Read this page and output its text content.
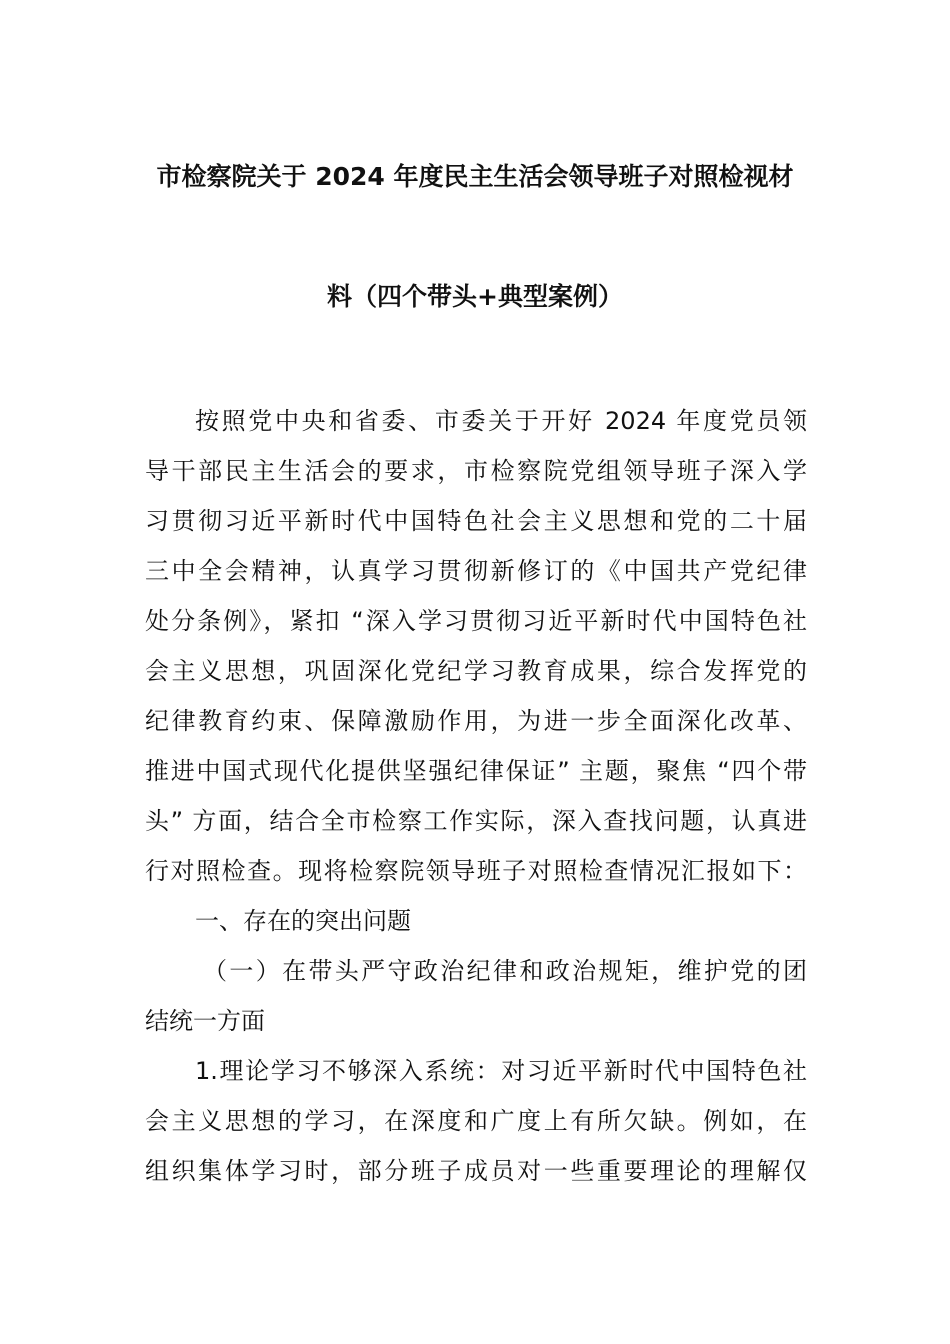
市检察院关于 2024 年度民主生活会领导班子对照检视材
料（四个带头+典型案例）
按照党中央和省委、市委关于开好 2024 年度党员领
导干部民主生活会的要求，市检察院党组领导班子深入学
习贯彻习近平新时代中国特色社会主义思想和党的二十届
三中全会精神，认真学习贯彻新修订的《中国共产党纪律
处分条例》，紧扣 “深入学习贯彻习近平新时代中国特色社
会主义思想，巩固深化党纪学习教育成果，综合发挥党的
纪律教育约束、保障激励作用，为进一步全面深化改革、
推进中国式现代化提供坚强纪律保证” 主题，聚焦 “四个带
头” 方面，结合全市检察工作实际，深入查找问题，认真进
行对照检查。现将检察院领导班子对照检查情况汇报如下：
一、存在的突出问题
（一）在带头严守政治纪律和政治规矩，维护党的团
结统一方面
1.理论学习不够深入系统：对习近平新时代中国特色社
会主义思想的学习，在深度和广度上有所欠缺。例如，在
组织集体学习时，部分班子成员对一些重要理论的理解仅
